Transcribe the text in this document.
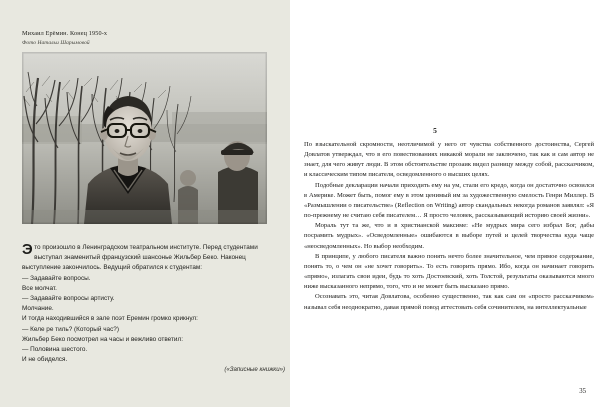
Михаил Ерёмин. Конец 1950-х
Фото Натальи Шарымовой

Это произошло в Ленинградском театральном институте. Перед студентами выступал знаменитый французский шансонье Жильбер Беко. Наконец выступление закончилось. Ведущий обратился к студентам:

— Задавайте вопросы.

Все молчат.

— Задавайте вопросы артисту.

Молчание.

И тогда находившийся в зале поэт Еремин громко крикнул:

— Келе ре тиль? (Который час?)

Жильбер Беко посмотрел на часы и вежливо ответил:

— Половина шестого.

И не обиделся.

(«Записные книжки»)

5

По взыскательной скромности, неотличимой у него от чувства собственного достоинства, Сергей Довлатов утверждал, что в его повествованиях никакой морали не заключено, так как и сам автор не знает, для чего живут люди. В этом обстоятельстве прозаик видел разницу между собой, рассказчиком, и классическим типом писателя, осведомленного о высших целях.

Подобные декларации начали приходить ему на ум, стали его кредо, когда он достаточно освоился в Америке. Может быть, помог ему в этом ценимый им за художественную смелость Генри Миллер. В «Размышлении о писательстве» (Reflection on Writing) автор скандальных некогда романов заявлял: «Я по-прежнему не считаю себя писателем… Я просто человек, рассказывающий историю своей жизни».

Мораль тут та же, что и в христианской максиме: «Не мудрых мира сего избрал Бог, дабы посрамить мудрых». «Осведомленные» ошибаются в выборе путей и целей творчества куда чаще «неосведомленных». Но выбор необходим.

В принципе, у любого писателя важно понять нечто более значительное, чем прямое содержание, понять то, о чем он «не хочет говорить». То есть говорить прямо. Ибо, когда он начинает говорить «прямо», излагать свои идеи, будь то хоть Достоевский, хоть Толстой, результаты оказываются много ниже высказанного непрямо, того, что и не может быть высказано прямо.

Осознавать это, читая Довлатова, особенно существенно, так как сам он «просто рассказчиком» называл себя неоднократно, давая прямой повод аттестовать себя сочинителем, на интеллектуальные

35
